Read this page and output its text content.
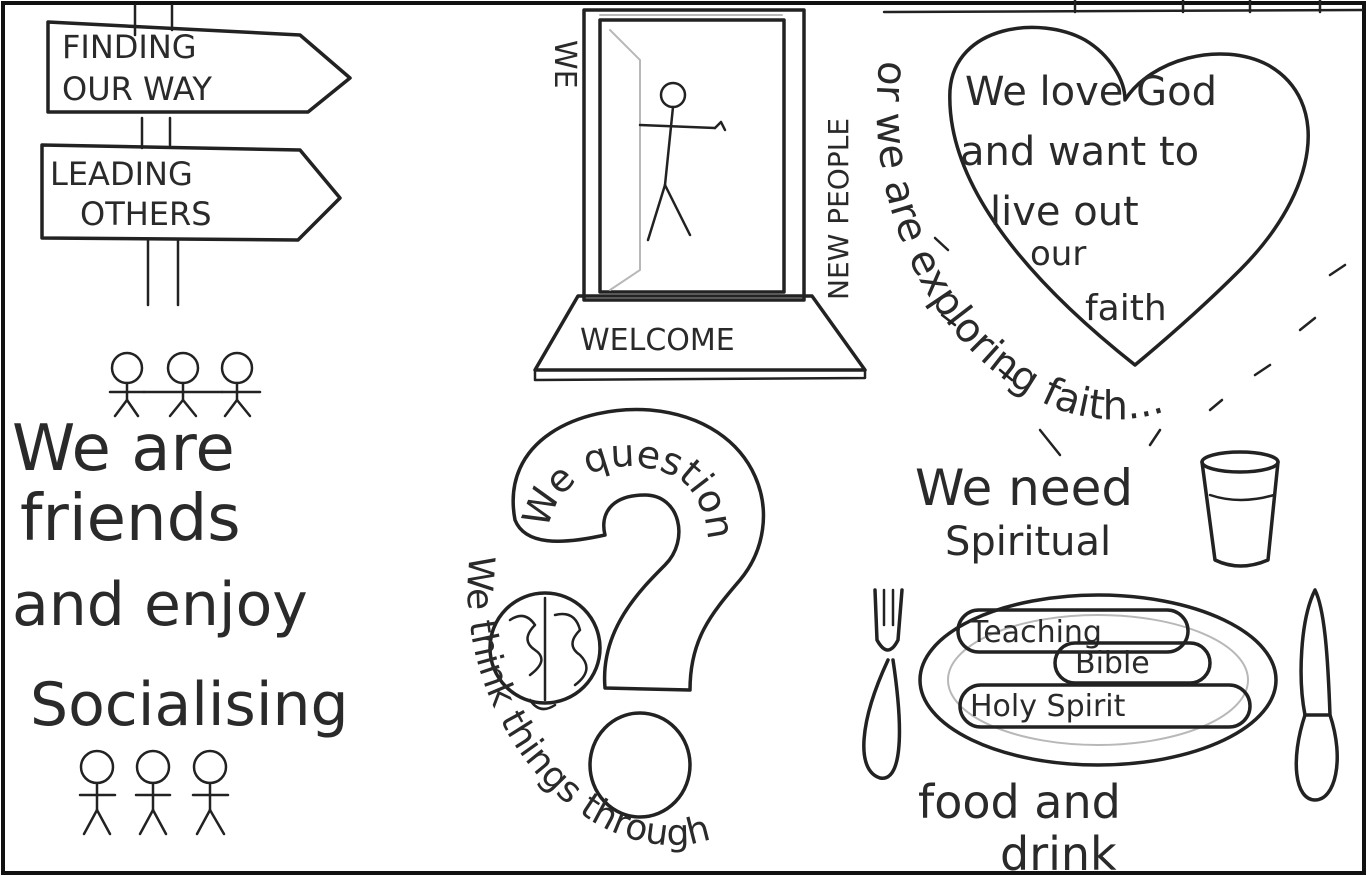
FINDING
OUR WAY
LEADING
OTHERS
We are
friends
and enjoy
Socialising
WELCOME
WE
NEW PEOPLE
We love God
and want to
live out
our
faith
or we are exploring faith...
We question
We think things through
We need
Spiritual
Teaching
Bible
Holy Spirit
food and
drink
